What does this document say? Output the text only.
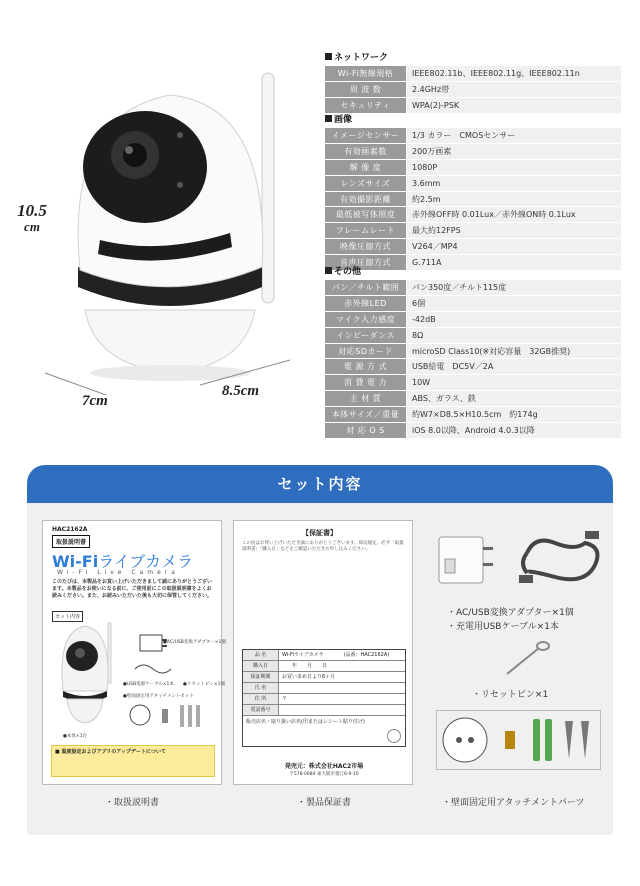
10.5
cm
7cm
8.5cm
ネットワーク
Wi-Fi無線規格	IEEE802.11b、IEEE802.11g、IEEE802.11n
周 波 数	2.4GHz帯
セキュリティ	WPA(2)-PSK
画像
イメージセンサー	1/3 カラー　CMOSセンサー
有効画素数	200万画素
解 像 度	1080P
レンズサイズ	3.6mm
有効撮影距離	約2.5m
最低被写体照度	赤外線OFF時 0.01Lux／赤外線ON時 0.1Lux
フレームレート	最大約12FPS
映像圧縮方式	V264／MP4
音声圧縮方式	G.711A
その他
パン／チルト範囲	パン350度／チルト115度
赤外線LED	6個
マイク入力感度	-42dB
インピーダンス	8Ω
対応SDカード	microSD Class10(※対応容量　32GB推奨)
電 源 方 式	USB給電　DC5V／2A
消 費 電 力	10W
主 材 質	ABS、ガラス、鉄
本体サイズ／重量	約W7×D8.5×H10.5cm　約174g
対 応 O S	iOS 8.0以降、Android 4.0.3以降
セット内容
HAC2162A
取扱説明書
Wi-Fiライブカメラ
Wi-Fi Live Camera
このたびは、本製品をお買い上げいただきまして誠にありがとうございます。本製品をお使いになる前に、ご使用前にこの取扱説明書をよくお読みください。また、お読みいただいた後も大切に保管してください。
セット内容
●AC/USB変換アダプター×1個
●USB電源ケーブル×1本 ●リセットピン×1個
●壁面固定用アタッチメントセット
●本体×1台
■ 温度設定およびアプリのアップデートについて
・取扱説明書
【保証書】
この度はお買い上げいただき誠にありがとうございます。保証規定、必ず「取扱説明書」「購入日」などをご確認いただきお申し込みください。
品 名	Wi-Fiライブカメラ　　　　(品番：HAC2162A)
購入日	　　年　　月　　日
保証期間	お買い求め日より6ヶ月
氏 名
住 所	〒
電話番号
販売店名・取り扱い店名(印またはレシート貼り付け)
発売元：株式会社HAC2市場
〒578-0984 東大阪市菱江6-9-10
・製品保証書
・AC/USB変換アダプター×1個
・充電用USBケーブル×1本
・リセットピン×1
・壁面固定用アタッチメントパーツ
